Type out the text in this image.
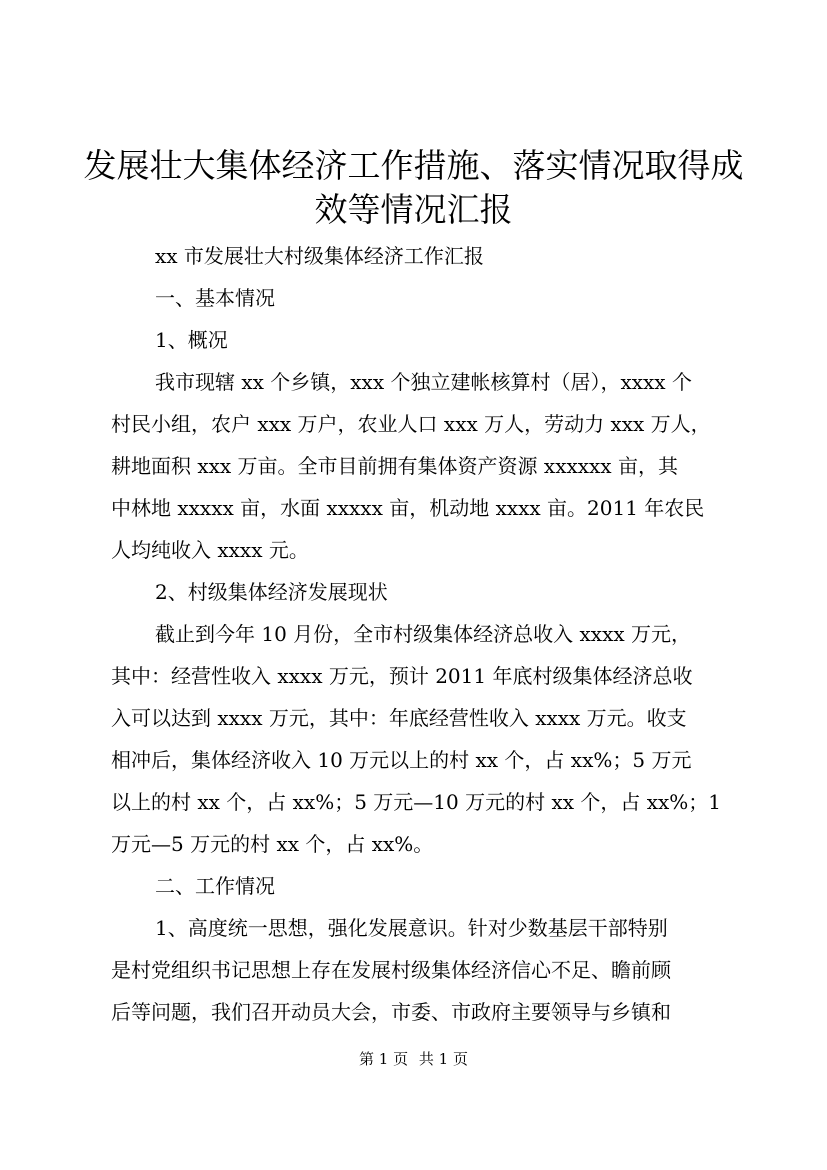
发展壮大集体经济工作措施、落实情况取得成
效等情况汇报
xx 市发展壮大村级集体经济工作汇报
一、基本情况
1、概况
我市现辖 xx 个乡镇，xxx 个独立建帐核算村（居），xxxx 个
村民小组，农户 xxx 万户，农业人口 xxx 万人，劳动力 xxx 万人，
耕地面积 xxx 万亩。全市目前拥有集体资产资源 xxxxxx 亩，其
中林地 xxxxx 亩，水面 xxxxx 亩，机动地 xxxx 亩。2011 年农民
人均纯收入 xxxx 元。
2、村级集体经济发展现状
截止到今年 10 月份，全市村级集体经济总收入 xxxx 万元，
其中：经营性收入 xxxx 万元，预计 2011 年底村级集体经济总收
入可以达到 xxxx 万元，其中：年底经营性收入 xxxx 万元。收支
相冲后，集体经济收入 10 万元以上的村 xx 个，占 xx%；5 万元
以上的村 xx 个，占 xx%；5 万元—10 万元的村 xx 个，占 xx%；1
万元—5 万元的村 xx 个，占 xx%。
二、工作情况
1、高度统一思想，强化发展意识。针对少数基层干部特别
是村党组织书记思想上存在发展村级集体经济信心不足、瞻前顾
后等问题，我们召开动员大会，市委、市政府主要领导与乡镇和
第 1 页 共 1 页
